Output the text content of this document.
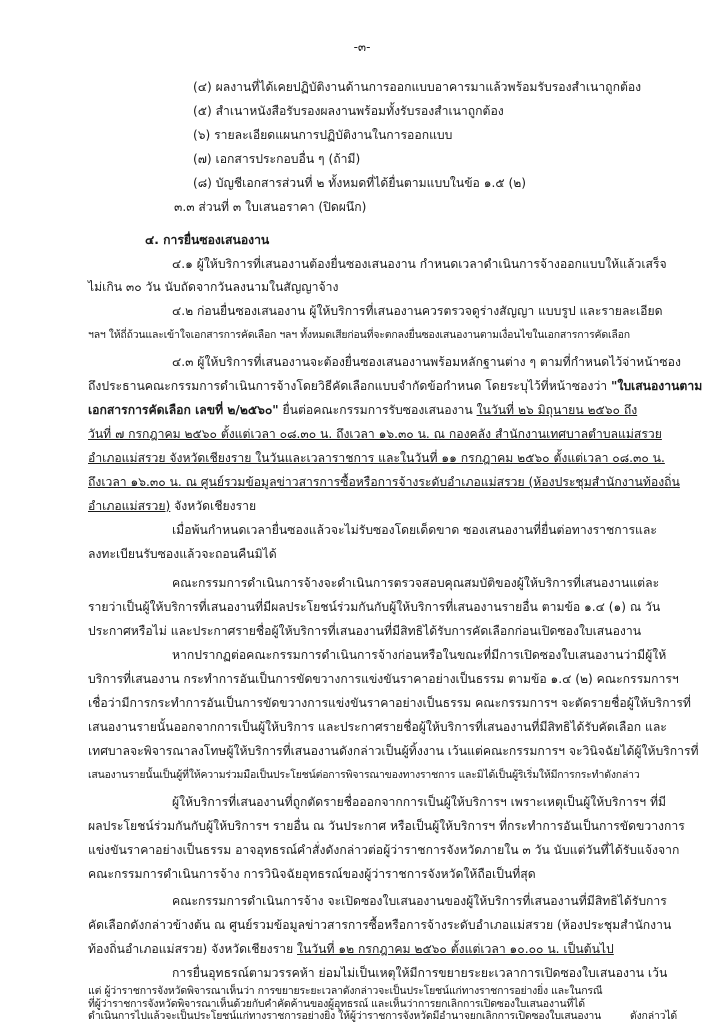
-๓-
(๔) ผลงานที่ได้เคยปฏิบัติงานด้านการออกแบบอาคารมาแล้วพร้อมรับรองสำเนาถูกต้อง
(๕) สำเนาหนังสือรับรองผลงานพร้อมทั้งรับรองสำเนาถูกต้อง
(๖) รายละเอียดแผนการปฏิบัติงานในการออกแบบ
(๗) เอกสารประกอบอื่น ๆ (ถ้ามี)
(๘) บัญชีเอกสารส่วนที่ ๒ ทั้งหมดที่ได้ยื่นตามแบบในข้อ ๑.๕ (๒)
๓.๓ ส่วนที่ ๓ ใบเสนอราคา (ปิดผนึก)
๔. การยื่นซองเสนองาน
๔.๑ ผู้ให้บริการที่เสนองานต้องยื่นซองเสนองาน กำหนดเวลาดำเนินการจ้างออกแบบให้แล้วเสร็จ
ไม่เกิน ๓๐ วัน นับถัดจากวันลงนามในสัญญาจ้าง
๔.๒ ก่อนยื่นซองเสนองาน ผู้ให้บริการที่เสนองานควรตรวจดูร่างสัญญา แบบรูป และรายละเอียด
ฯลฯ ให้ถี่ถ้วนและเข้าใจเอกสารการคัดเลือก ฯลฯ ทั้งหมดเสียก่อนที่จะตกลงยื่นซองเสนองานตามเงื่อนไขในเอกสารการคัดเลือก
๔.๓ ผู้ให้บริการที่เสนองานจะต้องยื่นซองเสนองานพร้อมหลักฐานต่าง ๆ ตามที่กำหนดไว้จ่าหน้าซอง
ถึงประธานคณะกรรมการดำเนินการจ้างโดยวิธีคัดเลือกแบบจำกัดข้อกำหนด โดยระบุไว้ที่หน้าซองว่า "ใบเสนองานตาม
เอกสารการคัดเลือก เลขที่ ๒/๒๕๖๐" ยื่นต่อคณะกรรมการรับซองเสนองาน ในวันที่ ๒๖ มิถุนายน ๒๕๖๐ ถึง
วันที่ ๗ กรกฎาคม ๒๕๖๐ ตั้งแต่เวลา ๐๘.๓๐ น. ถึงเวลา ๑๖.๓๐ น. ณ กองคลัง สำนักงานเทศบาลตำบลแม่สรวย
อำเภอแม่สรวย จังหวัดเชียงราย ในวันและเวลาราชการ และในวันที่ ๑๑ กรกฎาคม ๒๕๖๐ ตั้งแต่เวลา ๐๘.๓๐ น.
ถึงเวลา ๑๖.๓๐ น. ณ ศูนย์รวมข้อมูลข่าวสารการซื้อหรือการจ้างระดับอำเภอแม่สรวย (ห้องประชุมสำนักงานท้องถิ่น
อำเภอแม่สรวย) จังหวัดเชียงราย
เมื่อพ้นกำหนดเวลายื่นซองแล้วจะไม่รับซองโดยเด็ดขาด ซองเสนองานที่ยื่นต่อทางราชการและ
ลงทะเบียนรับซองแล้วจะถอนคืนมิได้
คณะกรรมการดำเนินการจ้างจะดำเนินการตรวจสอบคุณสมบัติของผู้ให้บริการที่เสนองานแต่ละ
รายว่าเป็นผู้ให้บริการที่เสนองานที่มีผลประโยชน์ร่วมกันกับผู้ให้บริการที่เสนองานรายอื่น ตามข้อ ๑.๔ (๑) ณ วัน
ประกาศหรือไม่ และประกาศรายชื่อผู้ให้บริการที่เสนองานที่มีสิทธิได้รับการคัดเลือกก่อนเปิดซองใบเสนองาน
หากปรากฏต่อคณะกรรมการดำเนินการจ้างก่อนหรือในขณะที่มีการเปิดซองใบเสนองานว่ามีผู้ให้
บริการที่เสนองาน กระทำการอันเป็นการขัดขวางการแข่งขันราคาอย่างเป็นธรรม ตามข้อ ๑.๔ (๒) คณะกรรมการฯ
เชื่อว่ามีการกระทำการอันเป็นการขัดขวางการแข่งขันราคาอย่างเป็นธรรม คณะกรรมการฯ จะตัดรายชื่อผู้ให้บริการที่
เสนองานรายนั้นออกจากการเป็นผู้ให้บริการ และประกาศรายชื่อผู้ให้บริการที่เสนองานที่มีสิทธิได้รับคัดเลือก และ
เทศบาลจะพิจารณาลงโทษผู้ให้บริการที่เสนองานดังกล่าวเป็นผู้ทิ้งงาน เว้นแต่คณะกรรมการฯ จะวินิจฉัยได้ผู้ให้บริการที่
เสนองานรายนั้นเป็นผู้ที่ให้ความร่วมมือเป็นประโยชน์ต่อการพิจารณาของทางราชการ และมิได้เป็นผู้ริเริ่มให้มีการกระทำดังกล่าว
ผู้ให้บริการที่เสนองานที่ถูกตัดรายชื่อออกจากการเป็นผู้ให้บริการฯ เพราะเหตุเป็นผู้ให้บริการฯ ที่มี
ผลประโยชน์ร่วมกันกับผู้ให้บริการฯ รายอื่น ณ วันประกาศ หรือเป็นผู้ให้บริการฯ ที่กระทำการอันเป็นการขัดขวางการ
แข่งขันราคาอย่างเป็นธรรม อาจอุทธรณ์คำสั่งดังกล่าวต่อผู้ว่าราชการจังหวัดภายใน ๓ วัน นับแต่วันที่ได้รับแจ้งจาก
คณะกรรมการดำเนินการจ้าง การวินิจฉัยอุทธรณ์ของผู้ว่าราชการจังหวัดให้ถือเป็นที่สุด
คณะกรรมการดำเนินการจ้าง จะเปิดซองใบเสนองานของผู้ให้บริการที่เสนองานที่มีสิทธิได้รับการ
คัดเลือกดังกล่าวข้างต้น ณ ศูนย์รวมข้อมูลข่าวสารการซื้อหรือการจ้างระดับอำเภอแม่สรวย (ห้องประชุมสำนักงาน
ท้องถิ่นอำเภอแม่สรวย) จังหวัดเชียงราย ในวันที่ ๑๒ กรกฎาคม ๒๕๖๐ ตั้งแต่เวลา ๑๐.๐๐ น. เป็นต้นไป
การยื่นอุทธรณ์ตามวรรคห้า ย่อมไม่เป็นเหตุให้มีการขยายระยะเวลาการเปิดซองใบเสนองาน เว้น
แต่ ผู้ว่าราชการจังหวัดพิจารณาเห็นว่า การขยายระยะเวลาดังกล่าวจะเป็นประโยชน์แก่ทางราชการอย่างยิ่ง และในกรณี
ที่ผู้ว่าราชการจังหวัดพิจารณาเห็นด้วยกับคำคัดค้านของผู้อุทธรณ์ และเห็นว่าการยกเลิกการเปิดซองใบเสนองานที่ได้
ดำเนินการไปแล้วจะเป็นประโยชน์แก่ทางราชการอย่างยิ่ง ให้ผู้ว่าราชการจังหวัดมีอำนาจยกเลิกการเปิดซองใบเสนองาน	ดังกล่าวได้
